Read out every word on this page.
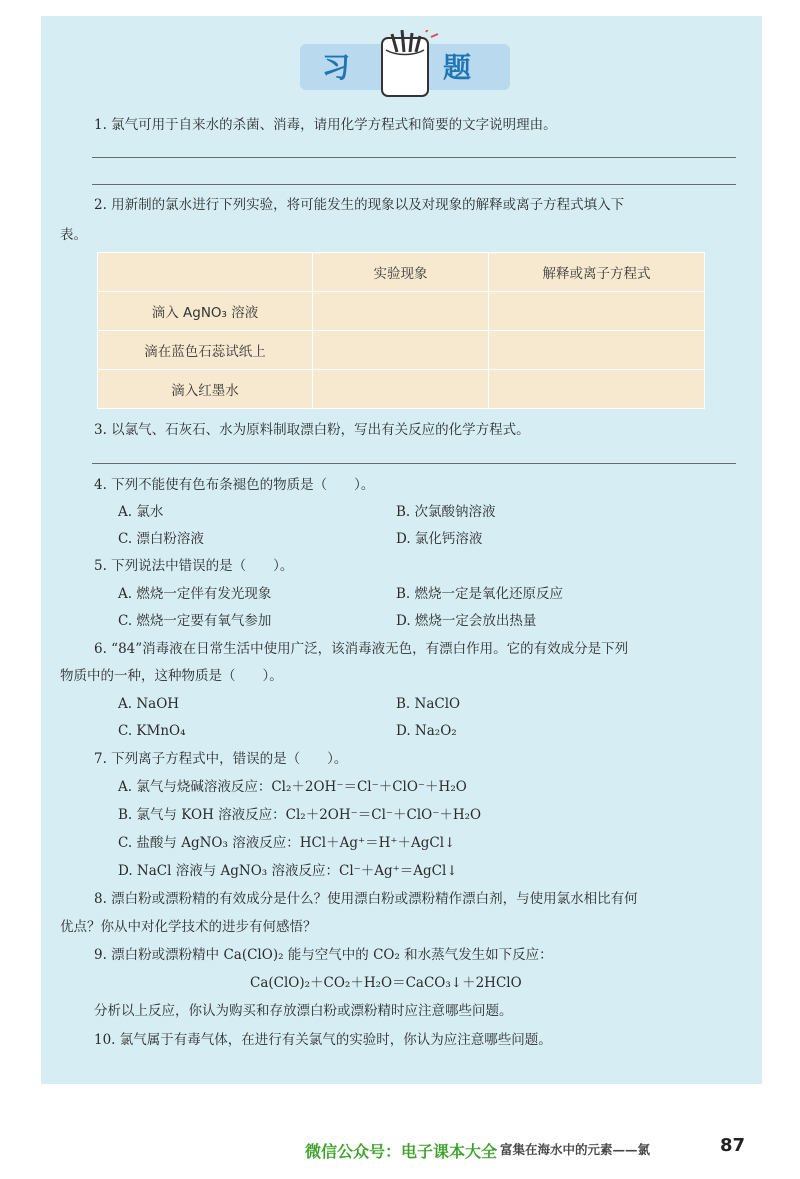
习	题
1. 氯气可用于自来水的杀菌、消毒，请用化学方程式和简要的文字说明理由。
2. 用新制的氯水进行下列实验，将可能发生的现象以及对现象的解释或离子方程式填入下
表。
	实验现象	解释或离子方程式
滴入 AgNO₃ 溶液		
滴在蓝色石蕊试纸上		
滴入红墨水		
3. 以氯气、石灰石、水为原料制取漂白粉，写出有关反应的化学方程式。
4. 下列不能使有色布条褪色的物质是（　　）。
A. 氯水	B. 次氯酸钠溶液
C. 漂白粉溶液	D. 氯化钙溶液
5. 下列说法中错误的是（　　）。
A. 燃烧一定伴有发光现象	B. 燃烧一定是氧化还原反应
C. 燃烧一定要有氧气参加	D. 燃烧一定会放出热量
6. “84”消毒液在日常生活中使用广泛，该消毒液无色，有漂白作用。它的有效成分是下列
物质中的一种，这种物质是（　　）。
A. NaOH	B. NaClO
C. KMnO₄	D. Na₂O₂
7. 下列离子方程式中，错误的是（　　）。
A. 氯气与烧碱溶液反应：Cl₂＋2OH⁻＝Cl⁻＋ClO⁻＋H₂O
B. 氯气与 KOH 溶液反应：Cl₂＋2OH⁻＝Cl⁻＋ClO⁻＋H₂O
C. 盐酸与 AgNO₃ 溶液反应：HCl＋Ag⁺＝H⁺＋AgCl↓
D. NaCl 溶液与 AgNO₃ 溶液反应：Cl⁻＋Ag⁺＝AgCl↓
8. 漂白粉或漂粉精的有效成分是什么？使用漂白粉或漂粉精作漂白剂，与使用氯水相比有何
优点？你从中对化学技术的进步有何感悟？
9. 漂白粉或漂粉精中 Ca(ClO)₂ 能与空气中的 CO₂ 和水蒸气发生如下反应：
Ca(ClO)₂＋CO₂＋H₂O＝CaCO₃↓＋2HClO
分析以上反应，你认为购买和存放漂白粉或漂粉精时应注意哪些问题。
10. 氯气属于有毒气体，在进行有关氯气的实验时，你认为应注意哪些问题。
微信公众号：电子课本大全 富集在海水中的元素——氯	87
